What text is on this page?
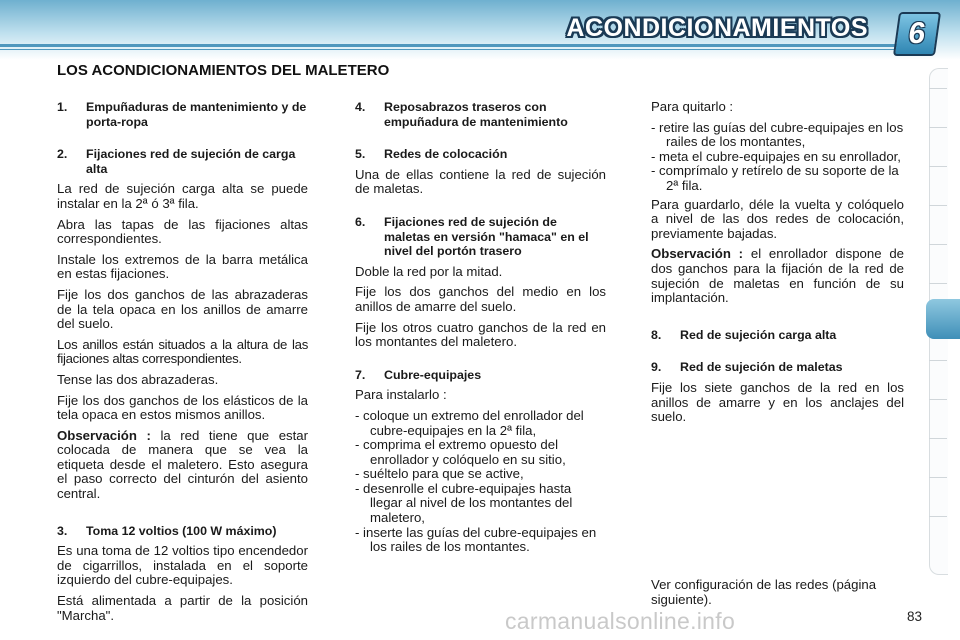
ACONDICIONAMIENTOS	6
LOS ACONDICIONAMIENTOS DEL MALETERO
1. Empuñaduras de mantenimiento y de porta-ropa
2. Fijaciones red de sujeción de carga alta

La red de sujeción carga alta se puede instalar en la 2ª ó 3ª fila.

Abra las tapas de las fijaciones altas correspondientes.

Instale los extremos de la barra metálica en estas fijaciones.

Fije los dos ganchos de las abrazaderas de la tela opaca en los anillos de amarre del suelo.

Los anillos están situados a la altura de las fijaciones altas correspondientes.

Tense las dos abrazaderas.

Fije los dos ganchos de los elásticos de la tela opaca en estos mismos anillos.

Observación : la red tiene que estar colocada de manera que se vea la etiqueta desde el maletero. Esto asegura el paso correcto del cinturón del asiento central.

3. Toma 12 voltios (100 W máximo)

Es una toma de 12 voltios tipo encendedor de cigarrillos, instalada en el soporte izquierdo del cubre-equipajes.

Está alimentada a partir de la posición "Marcha".

4. Reposabrazos traseros con empuñadura de mantenimiento
5. Redes de colocación

Una de ellas contiene la red de sujeción de maletas.

6. Fijaciones red de sujeción de maletas en versión "hamaca" en el nivel del portón trasero

Doble la red por la mitad.

Fije los dos ganchos del medio en los anillos de amarre del suelo.

Fije los otros cuatro ganchos de la red en los montantes del maletero.

7. Cubre-equipajes

Para instalarlo :

- coloque un extremo del enrollador del cubre-equipajes en la 2ª fila,
- comprima el extremo opuesto del enrollador y colóquelo en su sitio,
- suéltelo para que se active,
- desenrolle el cubre-equipajes hasta llegar al nivel de los montantes del maletero,
- inserte las guías del cubre-equipajes en los railes de los montantes.

Para quitarlo :

- retire las guías del cubre-equipajes en los railes de los montantes,
- meta el cubre-equipajes en su enrollador,
- comprímalo y retírelo de su soporte de la 2ª fila.

Para guardarlo, déle la vuelta y colóquelo a nivel de las dos redes de colocación, previamente bajadas.

Observación : el enrollador dispone de dos ganchos para la fijación de la red de sujeción de maletas en función de su implantación.

8. Red de sujeción carga alta
9. Red de sujeción de maletas

Fije los siete ganchos de la red en los anillos de amarre y en los anclajes del suelo.

Ver configuración de las redes (página siguiente).
carmanualsonline.info	83
